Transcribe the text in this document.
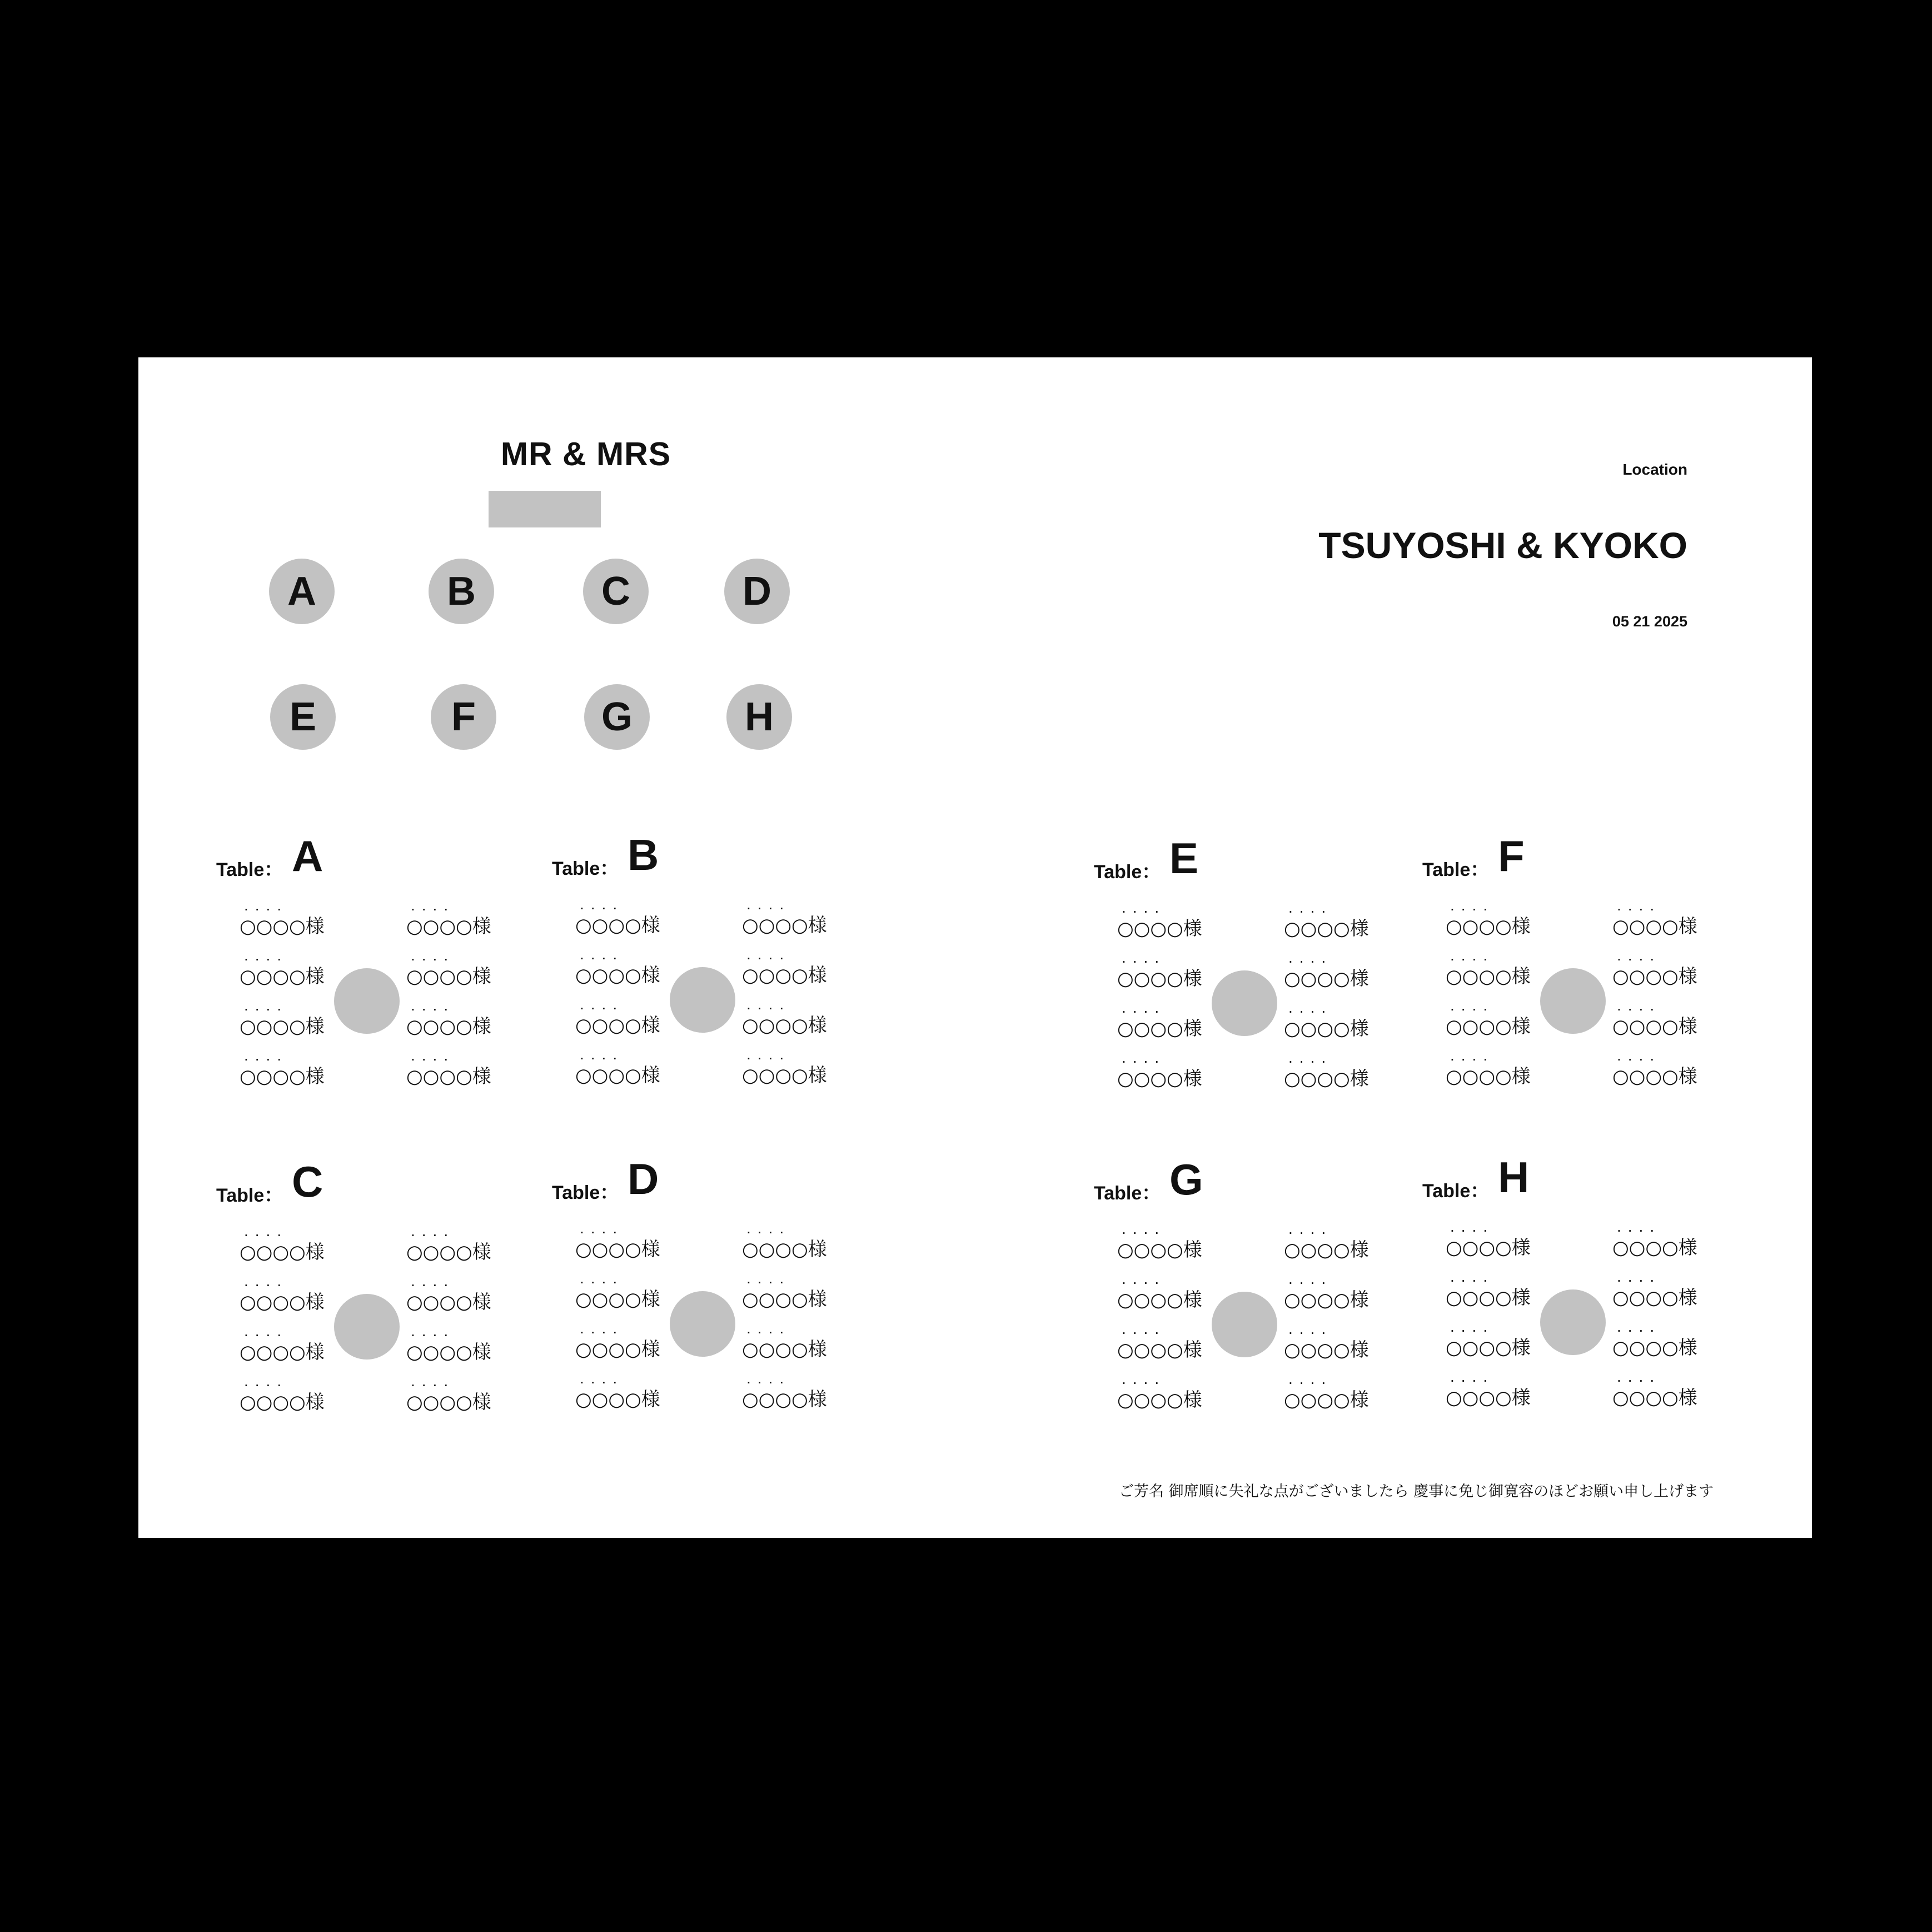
MR & MRS
A	B	C	D
E	F	G	H
Location
TSUYOSHI & KYOKO
05 21 2025
Table： A
....
○○○○様
....
○○○○様
....
○○○○様
....
○○○○様
....
○○○○様
....
○○○○様
....
○○○○様
....
○○○○様
Table： B
....
○○○○様
....
○○○○様
....
○○○○様
....
○○○○様
....
○○○○様
....
○○○○様
....
○○○○様
....
○○○○様
Table： C
....
○○○○様
....
○○○○様
....
○○○○様
....
○○○○様
....
○○○○様
....
○○○○様
....
○○○○様
....
○○○○様
Table： D
....
○○○○様
....
○○○○様
....
○○○○様
....
○○○○様
....
○○○○様
....
○○○○様
....
○○○○様
....
○○○○様
Table： E
....
○○○○様
....
○○○○様
....
○○○○様
....
○○○○様
....
○○○○様
....
○○○○様
....
○○○○様
....
○○○○様
Table： F
....
○○○○様
....
○○○○様
....
○○○○様
....
○○○○様
....
○○○○様
....
○○○○様
....
○○○○様
....
○○○○様
Table： G
....
○○○○様
....
○○○○様
....
○○○○様
....
○○○○様
....
○○○○様
....
○○○○様
....
○○○○様
....
○○○○様
Table： H
....
○○○○様
....
○○○○様
....
○○○○様
....
○○○○様
....
○○○○様
....
○○○○様
....
○○○○様
....
○○○○様
ご芳名 御席順に失礼な点がございましたら 慶事に免じ御寛容のほどお願い申し上げます
